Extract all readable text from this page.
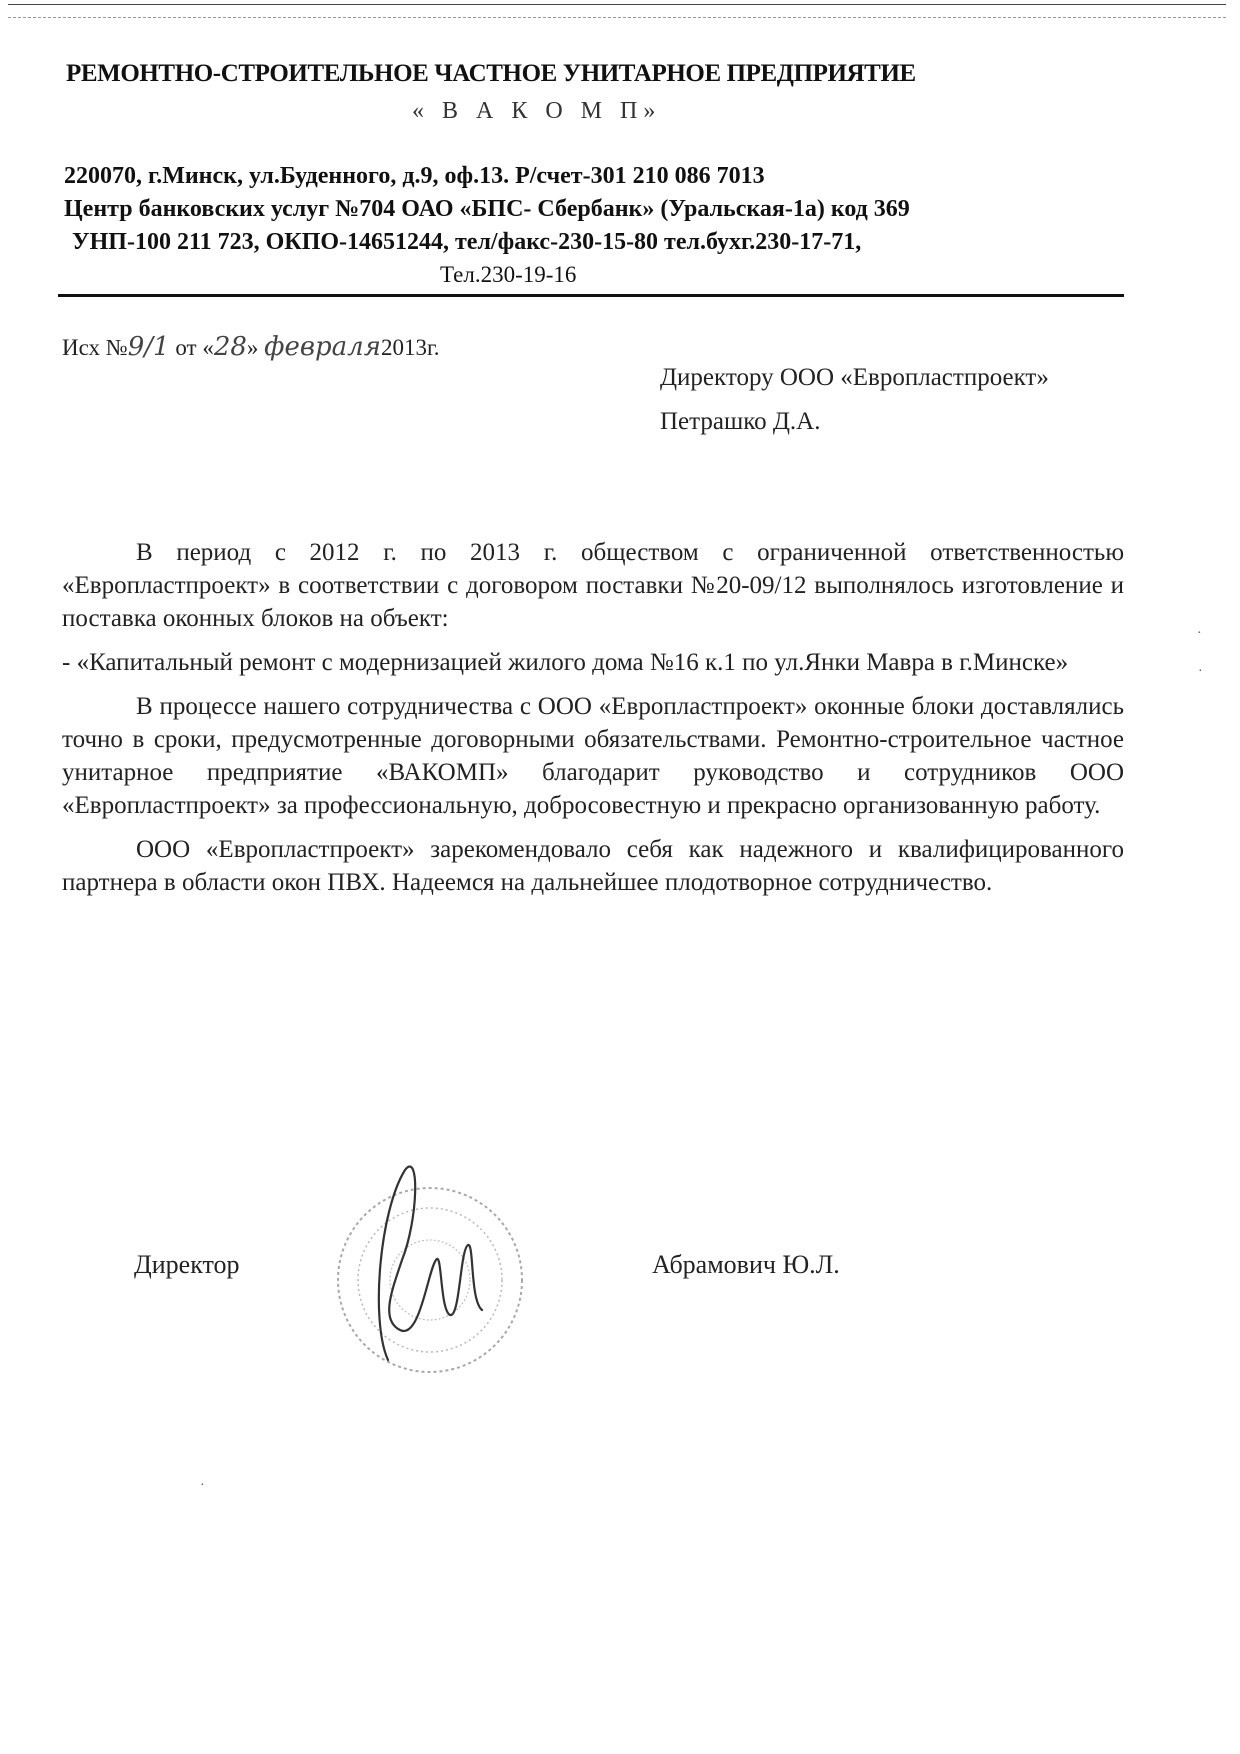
РЕМОНТНО-СТРОИТЕЛЬНОЕ ЧАСТНОЕ УНИТАРНОЕ ПРЕДПРИЯТИЕ
« В А К О М П»
220070, г.Минск, ул.Буденного, д.9, оф.13. Р/счет-301 210 086 7013
Центр банковских услуг №704 ОАО «БПС- Сбербанк» (Уральская-1а) код 369
УНП-100 211 723, ОКПО-14651244, тел/факс-230-15-80 тел.бухг.230-17-71,
Тел.230-19-16
Исх №9/1 от «28» февраля2013г.
Директору ООО «Европластпроект»
Петрашко Д.А.

В период с 2012 г. по 2013 г. обществом с ограниченной ответственностью «Европластпроект» в соответствии с договором поставки №20-09/12 выполнялось изготовление и поставка оконных блоков на объект:

- «Капитальный ремонт с модернизацией жилого дома №16 к.1 по ул.Янки Мавра в г.Минске»

В процессе нашего сотрудничества с ООО «Европластпроект» оконные блоки доставлялись точно в сроки, предусмотренные договорными обязательствами. Ремонтно-строительное частное унитарное предприятие «ВАКОМП» благодарит руководство и сотрудников ООО «Европластпроект» за профессиональную, добросовестную и прекрасно организованную работу.

ООО «Европластпроект» зарекомендовало себя как надежного и квалифицированного партнера в области окон ПВХ. Надеемся на дальнейшее плодотворное сотрудничество.

Директор	Абрамович Ю.Л.
·
·
·
